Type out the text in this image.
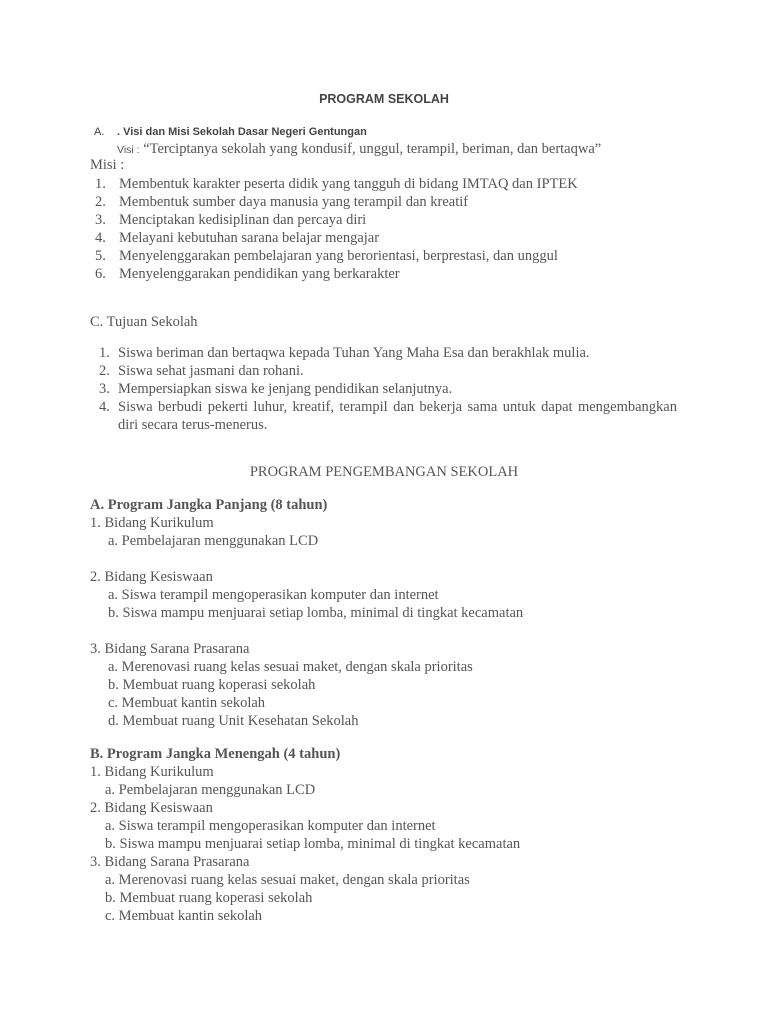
PROGRAM SEKOLAH
A. . Visi dan Misi Sekolah Dasar Negeri Gentungan
Visi : “Terciptanya sekolah yang kondusif, unggul, terampil, beriman, dan bertaqwa”
Misi :
1. Membentuk karakter peserta didik yang tangguh di bidang IMTAQ dan IPTEK
2. Membentuk sumber daya manusia yang terampil dan kreatif
3. Menciptakan kedisiplinan dan percaya diri
4. Melayani kebutuhan sarana belajar mengajar
5. Menyelenggarakan pembelajaran yang berorientasi, berprestasi, dan unggul
6. Menyelenggarakan pendidikan yang berkarakter
C. Tujuan Sekolah
1. Siswa beriman dan bertaqwa kepada Tuhan Yang Maha Esa dan berakhlak mulia.
2. Siswa sehat jasmani dan rohani.
3. Mempersiapkan siswa ke jenjang pendidikan selanjutnya.
4. Siswa berbudi pekerti luhur, kreatif, terampil dan bekerja sama untuk dapat mengembangkan diri secara terus-menerus.
PROGRAM PENGEMBANGAN SEKOLAH
A. Program Jangka Panjang (8 tahun)
1. Bidang Kurikulum
a. Pembelajaran menggunakan LCD
2. Bidang Kesiswaan
a. Siswa terampil mengoperasikan komputer dan internet
b. Siswa mampu menjuarai setiap lomba, minimal di tingkat kecamatan
3. Bidang Sarana Prasarana
a. Merenovasi ruang kelas sesuai maket, dengan skala prioritas
b. Membuat ruang koperasi sekolah
c. Membuat kantin sekolah
d. Membuat ruang Unit Kesehatan Sekolah
B. Program Jangka Menengah (4 tahun)
1. Bidang Kurikulum
a. Pembelajaran menggunakan LCD
2. Bidang Kesiswaan
a. Siswa terampil mengoperasikan komputer dan internet
b. Siswa mampu menjuarai setiap lomba, minimal di tingkat kecamatan
3. Bidang Sarana Prasarana
a. Merenovasi ruang kelas sesuai maket, dengan skala prioritas
b. Membuat ruang koperasi sekolah
c. Membuat kantin sekolah
